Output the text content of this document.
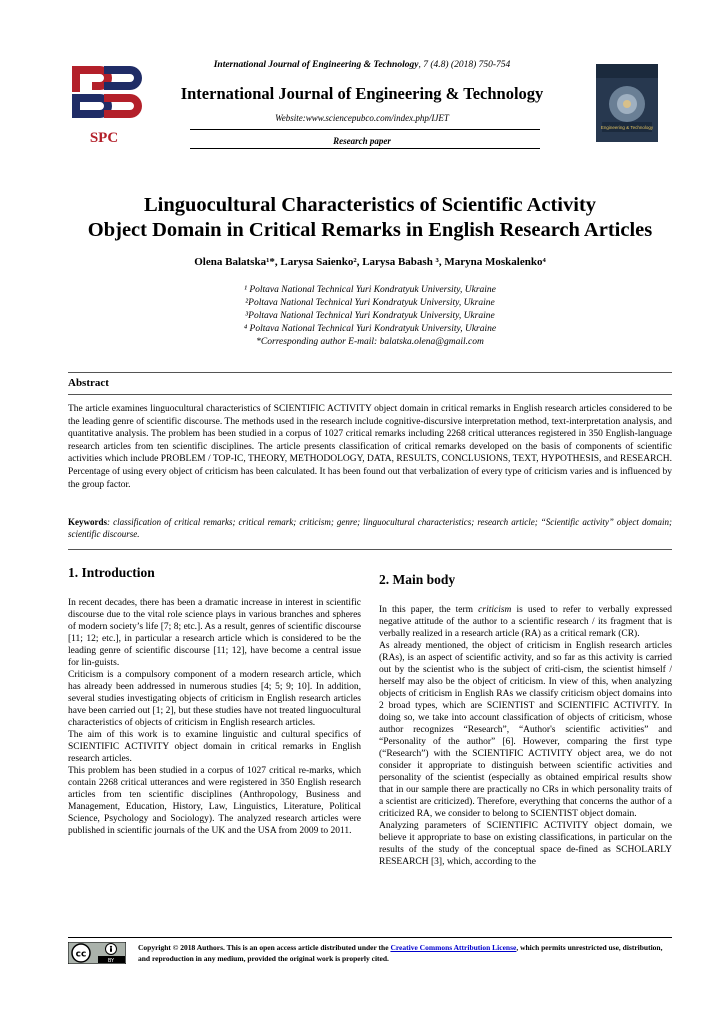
SPC
International Journal of Engineering & Technology, 7 (4.8) (2018) 750-754
International Journal of Engineering & Technology
Website:www.sciencepubco.com/index.php/IJET
Research paper
Engineering & Technology
Linguocultural Characteristics of Scientific Activity
Object Domain in Critical Remarks in English Research Articles
Olena Balatska¹*, Larysa Saienko², Larysa Babash ³, Maryna Moskalenko⁴
¹ Poltava National Technical Yuri Kondratyuk University, Ukraine
²Poltava National Technical Yuri Kondratyuk University, Ukraine
³Poltava National Technical Yuri Kondratyuk University, Ukraine
⁴ Poltava National Technical Yuri Kondratyuk University, Ukraine
*Corresponding author E-mail: balatska.olena@gmail.com
Abstract
The article examines linguocultural characteristics of SCIENTIFIC ACTIVITY object domain in critical remarks in English research articles considered to be the leading genre of scientific discourse. The methods used in the research include cognitive-discursive interpretation method, text-interpretation analysis, and quantitative analysis. The problem has been studied in a corpus of 1027 critical remarks including 2268 critical utterances registered in 350 English-language research articles from ten scientific disciplines. The article presents classification of critical remarks developed on the basis of components of scientific activities which include PROBLEM / TOP-IC, THEORY, METHODOLOGY, DATA, RESULTS, CONCLUSIONS, TEXT, HYPOTHESIS, and RESEARCH. Percentage of using every object of criticism has been calculated. It has been found out that verbalization of every type of criticism varies and is influenced by the group factor.
Keywords: classification of critical remarks; critical remark; criticism; genre; linguocultural characteristics; research article; “Scientific activity” object domain; scientific discourse.
1. Introduction

In recent decades, there has been a dramatic increase in interest in scientific discourse due to the vital role science plays in various branches and spheres of modern society’s life [7; 8; etc.]. As a result, genres of scientific discourse [11; 12; etc.], in particular a research article which is considered to be the leading genre of scientific discourse [11; 12], have become a central issue for lin-guists.

Criticism is a compulsory component of a modern research article, which has already been addressed in numerous studies [4; 5; 9; 10]. In addition, several studies investigating objects of criticism in English research articles have been carried out [1; 2], but these studies have not treated linguocultural characteristics of objects of criticism in English research articles.

The aim of this work is to examine linguistic and cultural specifics of SCIENTIFIC ACTIVITY object domain in critical remarks in English research articles.

This problem has been studied in a corpus of 1027 critical re-marks, which contain 2268 critical utterances and were registered in 350 English research articles from ten scientific disciplines (Anthropology, Business and Management, Education, History, Law, Linguistics, Literature, Political Science, Psychology and Sociology). The analyzed research articles were published in scientific journals of the UK and the USA from 2009 to 2011.

2. Main body

In this paper, the term criticism is used to refer to verbally expressed negative attitude of the author to a scientific research / its fragment that is verbally realized in a research article (RA) as a critical remark (CR).

As already mentioned, the object of criticism in English research articles (RAs), is an aspect of scientific activity, and so far as this activity is carried out by the scientist who is the subject of criti-cism, the scientist himself / herself may also be the object of criticism. In view of this, when analyzing objects of criticism in English RAs we classify criticism object domains into 2 broad types, which are SCIENTIST and SCIENTIFIC ACTIVITY. In doing so, we take into account classification of objects of criticism, whose author recognizes “Research”, “Author's scientific activities” and “Personality of the author” [6]. However, comparing the first type (“Research”) with the SCIENTIFIC ACTIVITY object area, we do not consider it appropriate to distinguish between scientific activities and personality of the scientist (especially as obtained empirical results show that in our sample there are practically no CRs in which personality traits of a scientist are criticized). Therefore, everything that concerns the author of a criticized RA, we consider to belong to SCIENTIST object domain.

Analyzing parameters of SCIENTIFIC ACTIVITY object domain, we believe it appropriate to base on existing classifications, in particular on the results of the study of the conceptual space de-fined as SCHOLARLY RESEARCH [3], which, according to the

cc
BY
Copyright © 2018 Authors. This is an open access article distributed under the Creative Commons Attribution License, which permits unrestricted use, distribution, and reproduction in any medium, provided the original work is properly cited.
